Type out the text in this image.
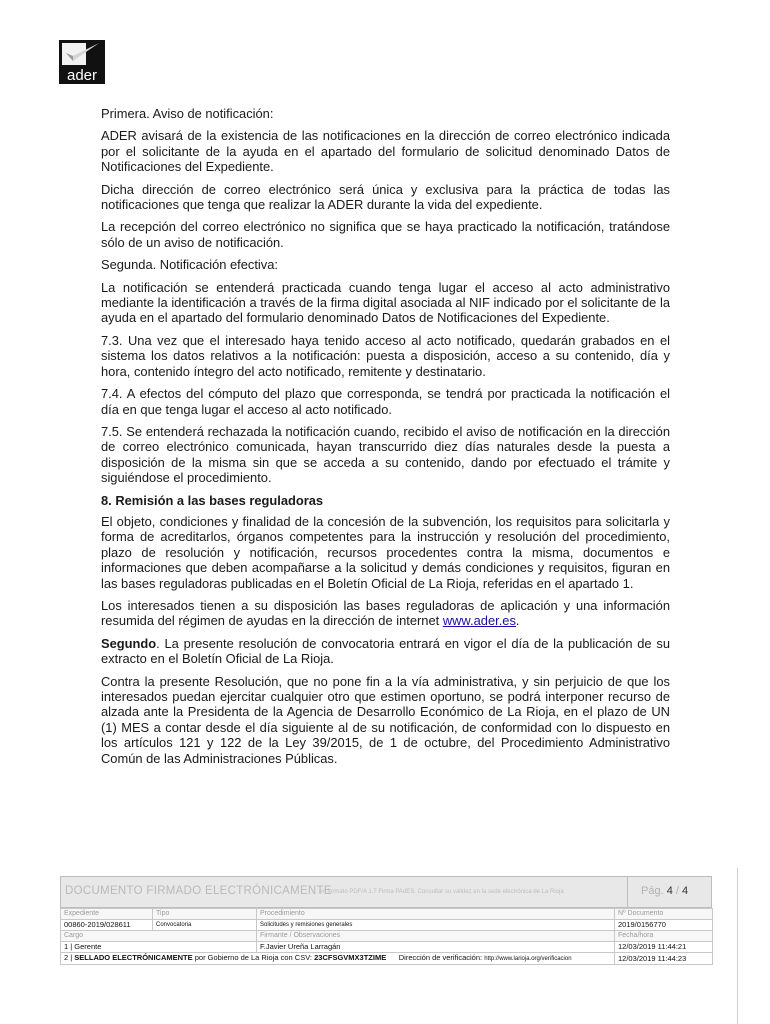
ader

Primera. Aviso de notificación:

ADER avisará de la existencia de las notificaciones en la dirección de correo electrónico indicada por el solicitante de la ayuda en el apartado del formulario de solicitud denominado Datos de Notificaciones del Expediente.

Dicha dirección de correo electrónico será única y exclusiva para la práctica de todas las notificaciones que tenga que realizar la ADER durante la vida del expediente.

La recepción del correo electrónico no significa que se haya practicado la notificación, tratándose sólo de un aviso de notificación.

Segunda. Notificación efectiva:

La notificación se entenderá practicada cuando tenga lugar el acceso al acto administrativo mediante la identificación a través de la firma digital asociada al NIF indicado por el solicitante de la ayuda en el apartado del formulario denominado Datos de Notificaciones del Expediente.

7.3. Una vez que el interesado haya tenido acceso al acto notificado, quedarán grabados en el sistema los datos relativos a la notificación: puesta a disposición, acceso a su contenido, día y hora, contenido íntegro del acto notificado, remitente y destinatario.

7.4. A efectos del cómputo del plazo que corresponda, se tendrá por practicada la notificación el día en que tenga lugar el acceso al acto notificado.

7.5. Se entenderá rechazada la notificación cuando, recibido el aviso de notificación en la dirección de correo electrónico comunicada, hayan transcurrido diez días naturales desde la puesta a disposición de la misma sin que se acceda a su contenido, dando por efectuado el trámite y siguiéndose el procedimiento.

8. Remisión a las bases reguladoras

El objeto, condiciones y finalidad de la concesión de la subvención, los requisitos para solicitarla y forma de acreditarlos, órganos competentes para la instrucción y resolución del procedimiento, plazo de resolución y notificación, recursos procedentes contra la misma, documentos e informaciones que deben acompañarse a la solicitud y demás condiciones y requisitos, figuran en las bases reguladoras publicadas en el Boletín Oficial de La Rioja, referidas en el apartado 1.

Los interesados tienen a su disposición las bases reguladoras de aplicación y una información resumida del régimen de ayudas en la dirección de internet www.ader.es.

Segundo. La presente resolución de convocatoria entrará en vigor el día de la publicación de su extracto en el Boletín Oficial de La Rioja.

Contra la presente Resolución, que no pone fin a la vía administrativa, y sin perjuicio de que los interesados puedan ejercitar cualquier otro que estimen oportuno, se podrá interponer recurso de alzada ante la Presidenta de la Agencia de Desarrollo Económico de La Rioja, en el plazo de UN (1) MES a contar desde el día siguiente al de su notificación, de conformidad con lo dispuesto en los artículos 121 y 122 de la Ley 39/2015, de 1 de octubre, del Procedimiento Administrativo Común de las Administraciones Públicas.

DOCUMENTO FIRMADO ELECTRÓNICAMENTE
en formato PDF/A 1.7 Firma PAdES. Consultar su validez en la sede electrónica de La Rioja	Pág. 4 / 4
Expediente	Tipo	Procedimiento	Nº Documento
00860-2019/028611	Convocatoria	Solicitudes y remisiones generales	2019/0156770
Cargo		Firmante / Observaciones	Fecha/hora
1 | Gerente		F.Javier Ureña Larragán	12/03/2019 11:44:21
2 | SELLADO ELECTRÓNICAMENTE por Gobierno de La Rioja con CSV: 23CFSGVMX3TZIME Dirección de verificación: http://www.larioja.org/verificacion			12/03/2019 11:44:23
